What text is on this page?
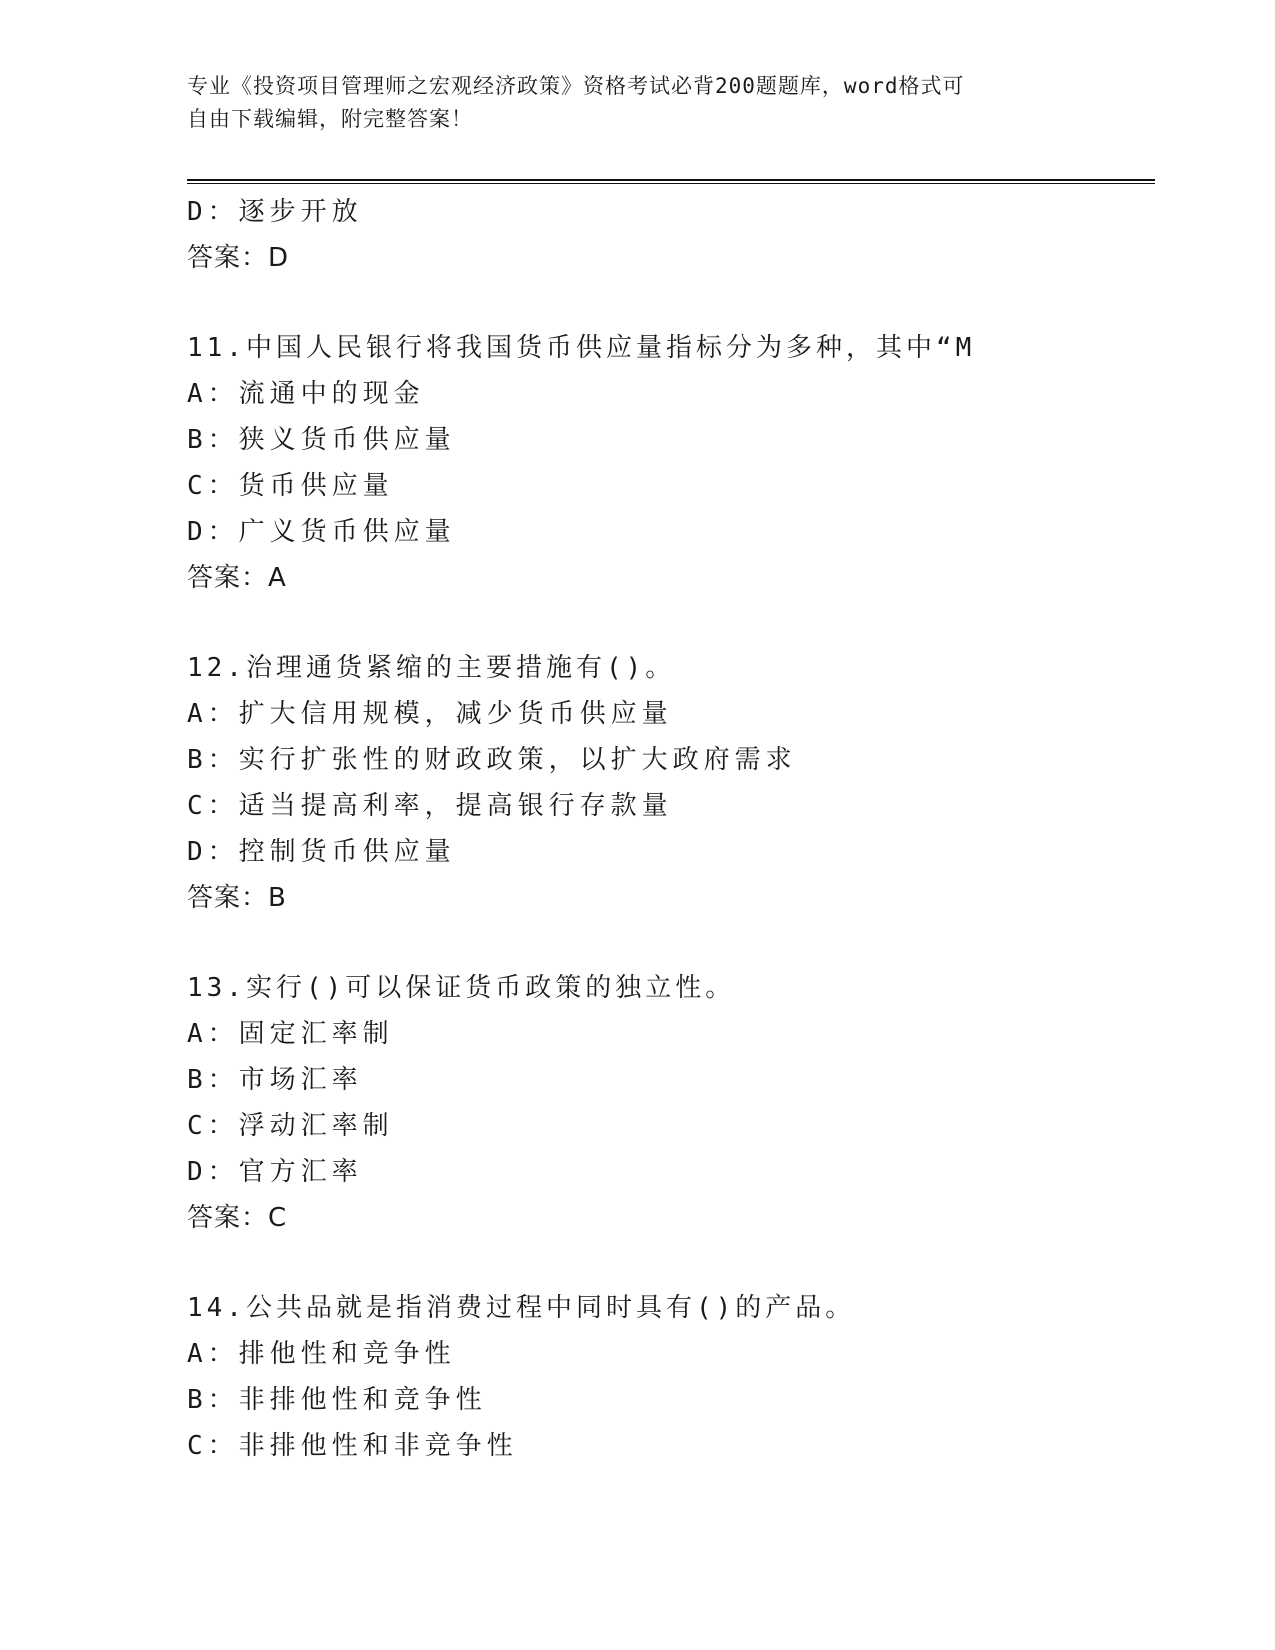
专业《投资项目管理师之宏观经济政策》资格考试必背200题题库，word格式可
自由下载编辑，附完整答案！
D：逐步开放
答案：D
11.中国人民银行将我国货币供应量指标分为多种，其中“M
A：流通中的现金
B：狭义货币供应量
C：货币供应量
D：广义货币供应量
答案：A
12.治理通货紧缩的主要措施有()。
A：扩大信用规模，减少货币供应量
B：实行扩张性的财政政策，以扩大政府需求
C：适当提高利率，提高银行存款量
D：控制货币供应量
答案：B
13.实行()可以保证货币政策的独立性。
A：固定汇率制
B：市场汇率
C：浮动汇率制
D：官方汇率
答案：C
14.公共品就是指消费过程中同时具有()的产品。
A：排他性和竞争性
B：非排他性和竞争性
C：非排他性和非竞争性
